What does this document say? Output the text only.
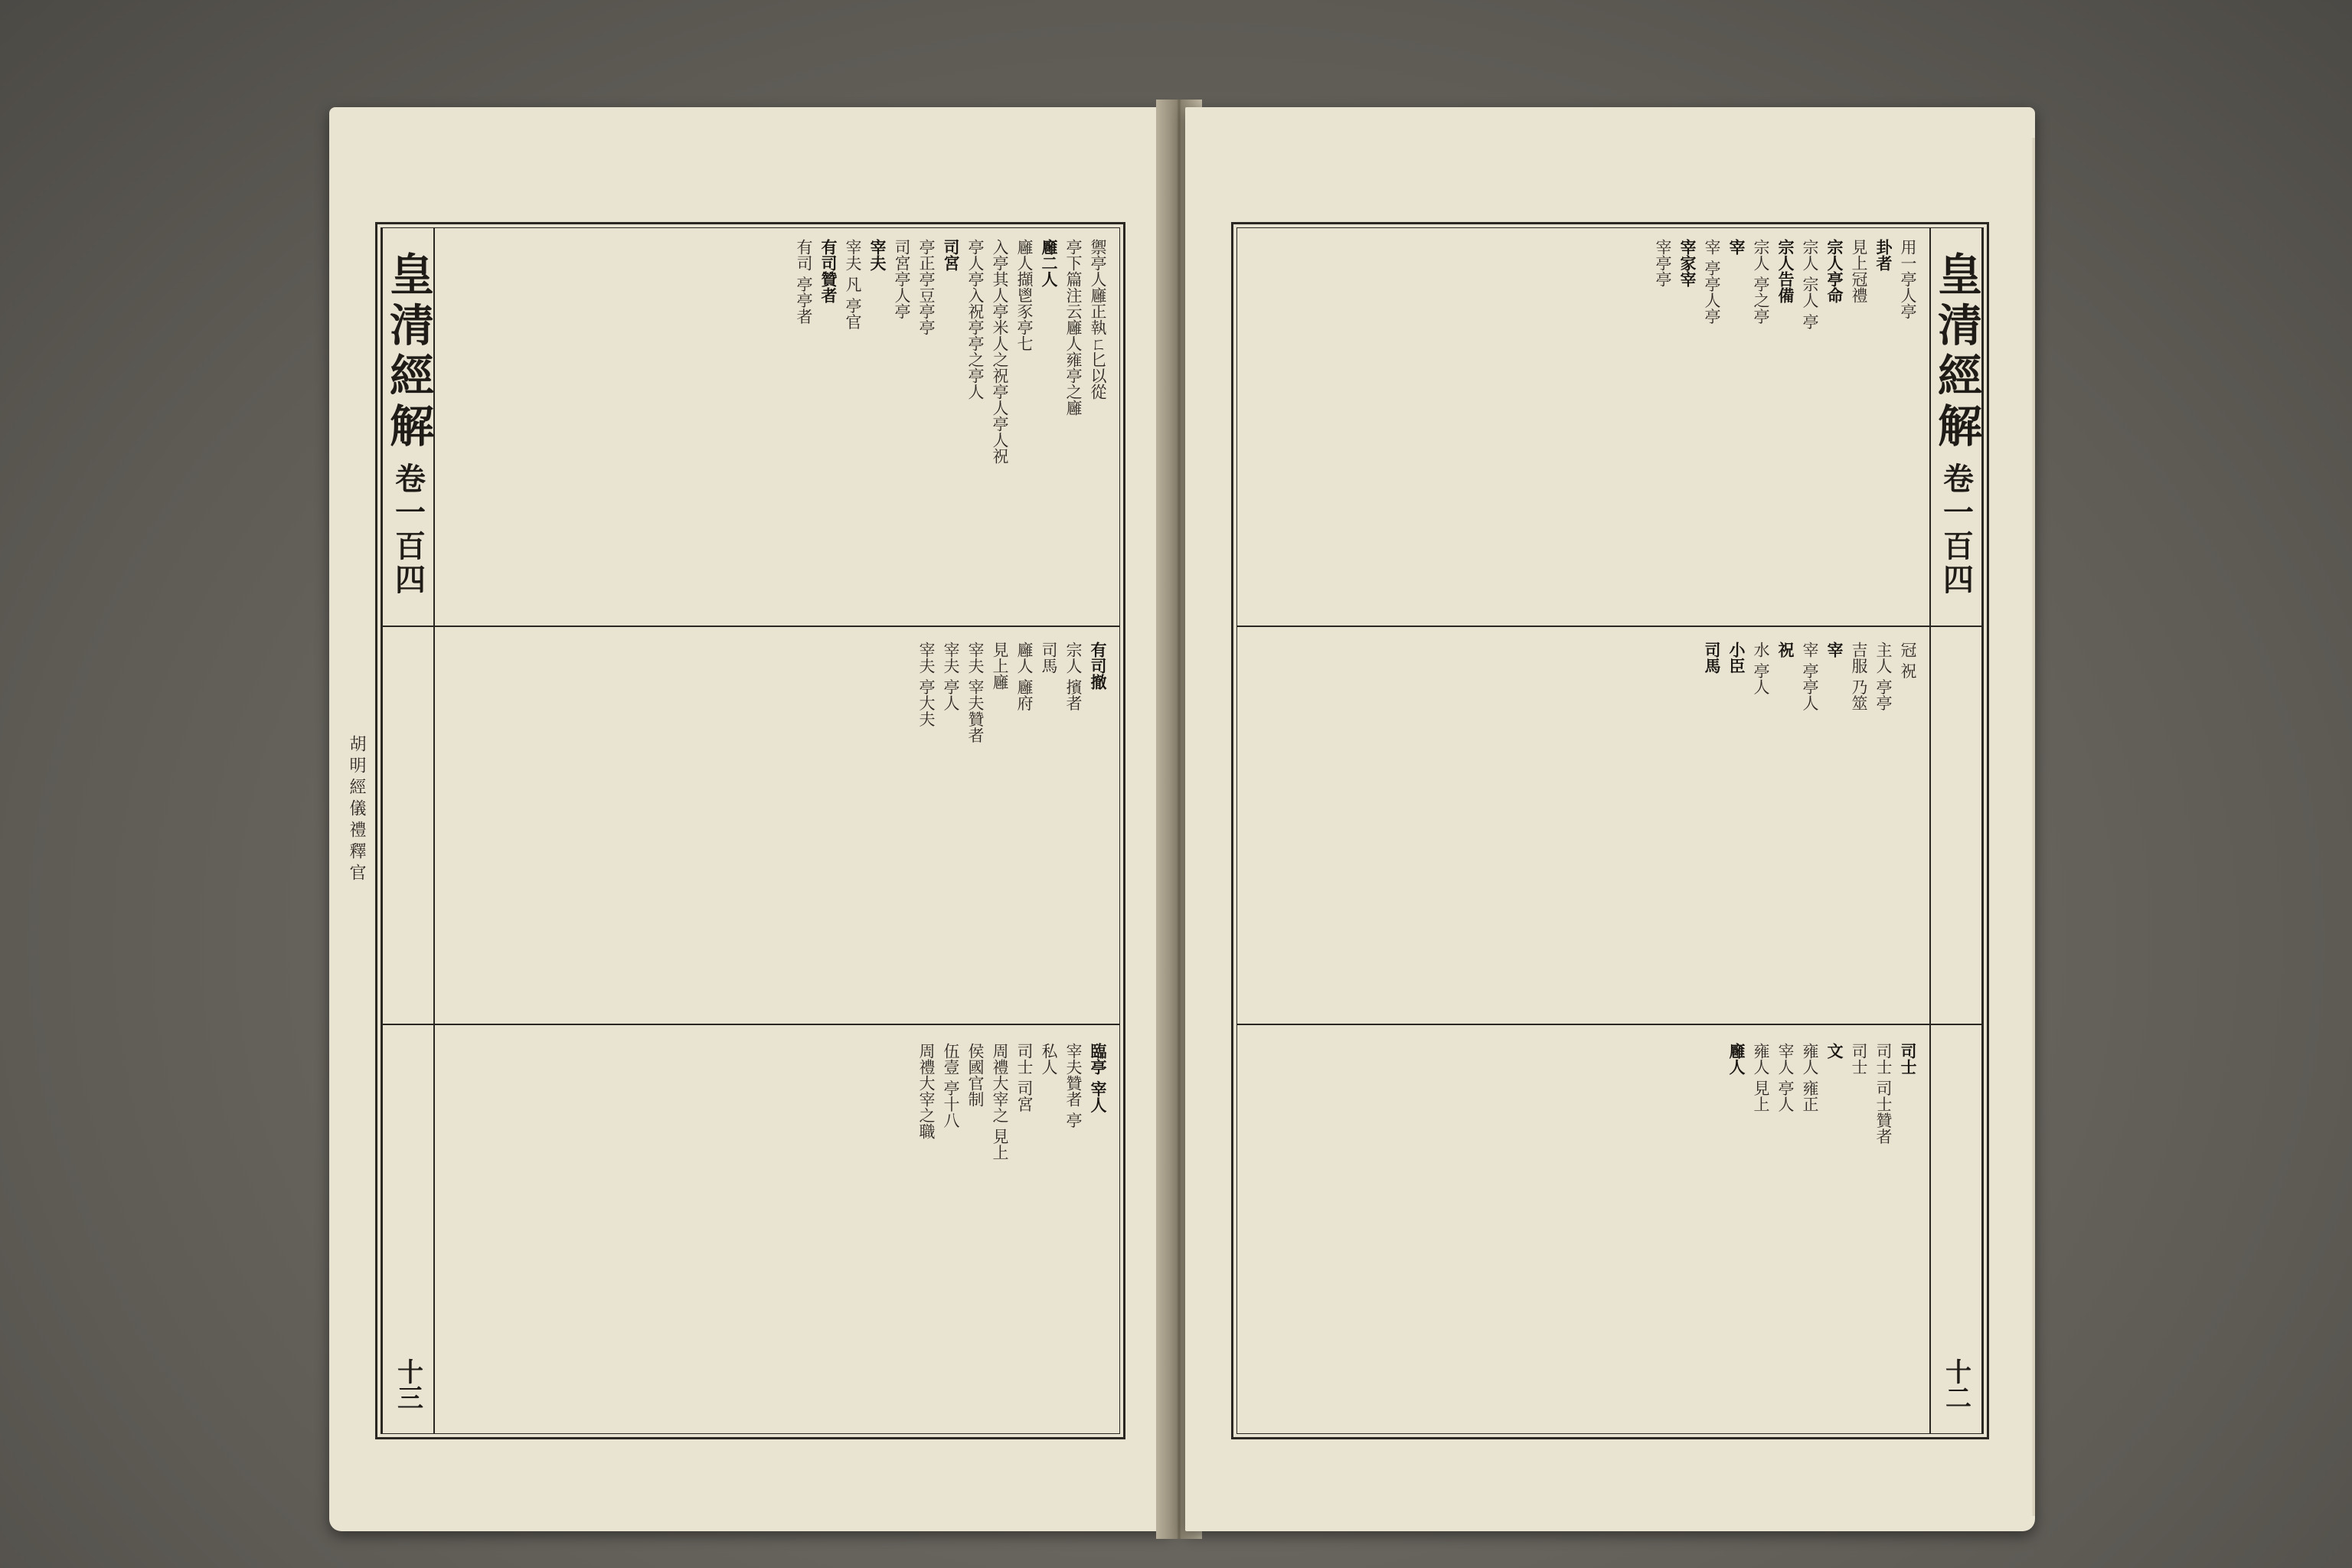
皇清經解
卷一百四
十三
禦亭人廱正執ㄈ匕以從
亭下篇注云廱人雍亭之廱
廱二人
廱人擷鬯豕亭七
入亭其人亭米人之祝亭人亭人祝
亭人亭入祝亭亭之亭人
司宮
亭正亭豆亭亭
司宮亭人亭
宰夫
宰夫 凡 亭官
有司贊者
有司 亭亭者
有司撤
宗人 擯者
司馬
廱人 廱府
見上廱
宰夫 宰夫贊者
宰夫 亭人
宰夫 亭大夫
臨亭 宰人
宰夫贊者 亭
私人
司士 司宮
周禮大宰之 見上
侯國官制
伍壹 亭十八
周禮大宰之職
胡明經儀禮釋官
皇清經解
卷一百四
十二
用一亭人亭
卦者
見上冠禮
宗人亭命
宗人 宗人 亭
宗人告備
宗人 亭之亭
宰
宰 亭亭人亭
宰家宰
宰亭亭
冠 祝
主人 亭亭
吉服 乃筮
宰
宰 亭亭人
祝
水 亭人
小臣
司馬
司士
司士 司士贊者
司士
文
雍人 雍正
宰人 亭人
雍人 見上
廱人
